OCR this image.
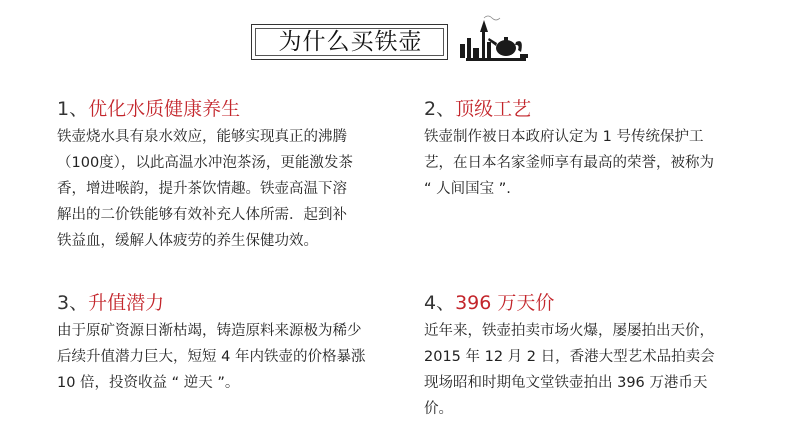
为什么买铁壶
1、优化水质健康养生
铁壶烧水具有泉水效应，能够实现真正的沸腾
（100度），以此高温水冲泡茶汤，更能激发茶
香，增进喉韵，提升茶饮情趣。铁壶高温下溶
解出的二价铁能够有效补充人体所需．起到补
铁益血，缓解人体疲劳的养生保健功效。
2、顶级工艺
铁壶制作被日本政府认定为 1 号传统保护工
艺，在日本名家釜师享有最高的荣誉，被称为
“ 人间国宝 ”.
3、升值潜力
由于原矿资源日渐枯竭，铸造原料来源极为稀少
后续升值潜力巨大，短短 4 年内铁壶的价格暴涨
10 倍，投资收益 “ 逆天 ”。
4、396 万天价
近年来，铁壶拍卖市场火爆，屡屡拍出天价，
2015 年 12 月 2 日，香港大型艺术品拍卖会
现场昭和时期龟文堂铁壶拍出 396 万港币天
价。
